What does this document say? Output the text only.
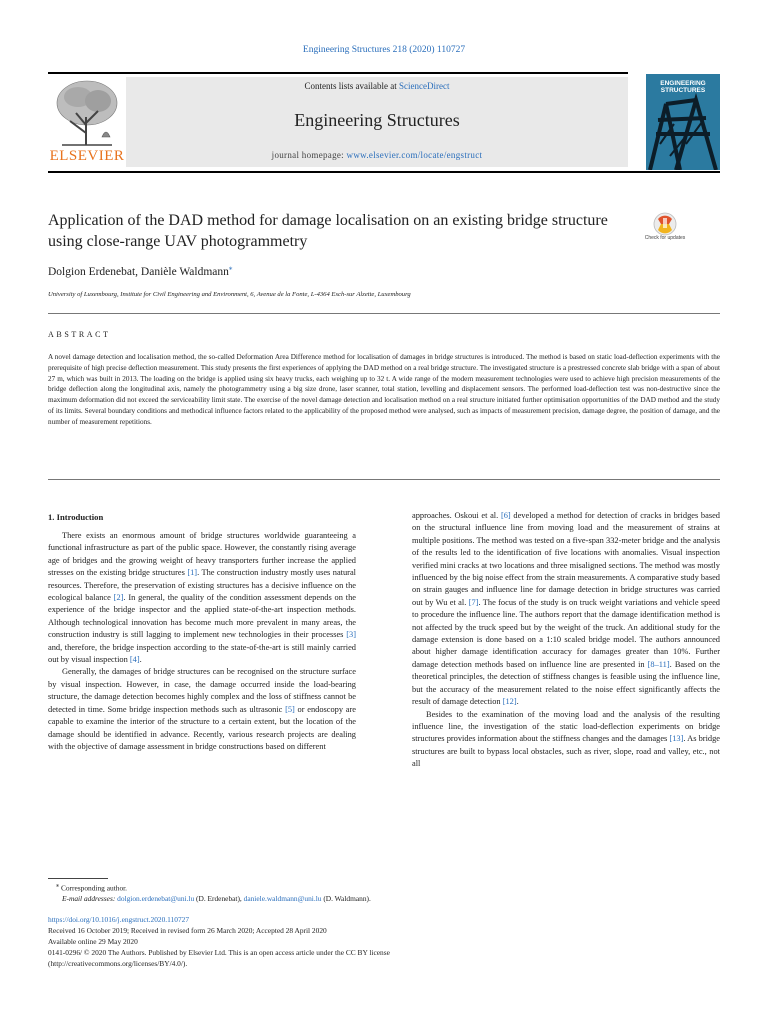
Engineering Structures 218 (2020) 110727
ELSEVIER
Contents lists available at ScienceDirect
Engineering Structures
journal homepage: www.elsevier.com/locate/engstruct
ENGINEERING STRUCTURES
Application of the DAD method for damage localisation on an existing bridge structure using close-range UAV photogrammetry	Check for updates
Dolgion Erdenebat, Danièle Waldmann⁎
University of Luxembourg, Institute for Civil Engineering and Environment, 6, Avenue de la Fonte, L-4364 Esch-sur Alzette, Luxembourg
ABSTRACT
A novel damage detection and localisation method, the so-called Deformation Area Difference method for localisation of damages in bridge structures is introduced. The method is based on static load-deflection experiments with the prerequisite of high precise deflection measurement. This study presents the first experiences of applying the DAD method on a real bridge structure. The investigated structure is a prestressed concrete slab bridge with a span of about 27 m, which was built in 2013. The loading on the bridge is applied using six heavy trucks, each weighing up to 32 t. A wide range of the modern measurement technologies were used to achieve high precision measurements of the bridge deflection along the longitudinal axis, namely the photogrammetry using a big size drone, laser scanner, total station, levelling and displacement sensors. The performed load-deflection test was non-destructive since the maximum deformation did not exceed the serviceability limit state. The exercise of the novel damage detection and localisation method on a real structure initiated further optimisation opportunities of the DAD method and the study of its limits. Several boundary conditions and methodical influence factors related to the applicability of the proposed method were analysed, such as impacts of measurement precision, damage degree, the position of damage, and the number of measurement repetitions.
1. Introduction

There exists an enormous amount of bridge structures worldwide guaranteeing a functional infrastructure as part of the public space. However, the constantly rising average age of bridges and the growing weight of heavy transporters further increase the applied stresses on the existing bridge structures [1]. The construction industry mostly uses natural resources. Therefore, the preservation of existing structures has a decisive influence on the ecological balance [2]. In general, the quality of the condition assessment depends on the experience of the bridge inspector and the applied state-of-the-art inspection methods. Although technological innovation has become much more prevalent in many areas, the construction industry is still lagging to implement new technologies in their processes [3] and, therefore, the bridge inspection according to the state-of-the-art is still mainly carried out by visual inspection [4].

Generally, the damages of bridge structures can be recognised on the structure surface by visual inspection. However, in case, the damage occurred inside the load-bearing structure, the damage detection becomes highly complex and the loss of stiffness cannot be detected in time. Some bridge inspection methods such as ultrasonic [5] or endoscopy are capable to examine the interior of the structure to a certain extent, but the location of the damage should be identified in advance. Recently, various research projects are dealing with the objective of damage assessment in bridge constructions based on different

approaches. Oskoui et al. [6] developed a method for detection of cracks in bridges based on the structural influence line from moving load and the measurement of strains at multiple positions. The method was tested on a five-span 332-meter bridge and the analysis of the results led to the identification of five locations with anomalies. Visual inspection verified mini cracks at two locations and three misaligned sections. The method was mostly influenced by the big noise effect from the strain measurements. A comparative study based on strain gauges and influence line for damage detection in bridge structures was carried out by Wu et al. [7]. The focus of the study is on truck weight variations and vehicle speed to procedure the influence line. The authors report that the damage identification method is not affected by the truck speed but by the weight of the truck. An additional study for the damage extension is done based on a 1:10 scaled bridge model. The authors announced about higher damage identification accuracy for damages greater than 10%. Further damage detection methods based on influence line are presented in [8–11]. Based on the theoretical principles, the detection of stiffness changes is feasible using the influence line, but the accuracy of the measurement related to the noise effect significantly affects the result of damage detection [12].

Besides to the examination of the moving load and the analysis of the resulting influence line, the investigation of the static load-deflection experiments on bridge structures provides information about the stiffness changes and the damages [13]. As bridge structures are built to bypass local obstacles, such as river, slope, road and valley, etc., not all

⁎ Corresponding author.
E-mail addresses: dolgion.erdenebat@uni.lu (D. Erdenebat), daniele.waldmann@uni.lu (D. Waldmann).
https://doi.org/10.1016/j.engstruct.2020.110727
Received 16 October 2019; Received in revised form 26 March 2020; Accepted 28 April 2020
Available online 29 May 2020
0141-0296/ © 2020 The Authors. Published by Elsevier Ltd. This is an open access article under the CC BY license
(http://creativecommons.org/licenses/BY/4.0/).
